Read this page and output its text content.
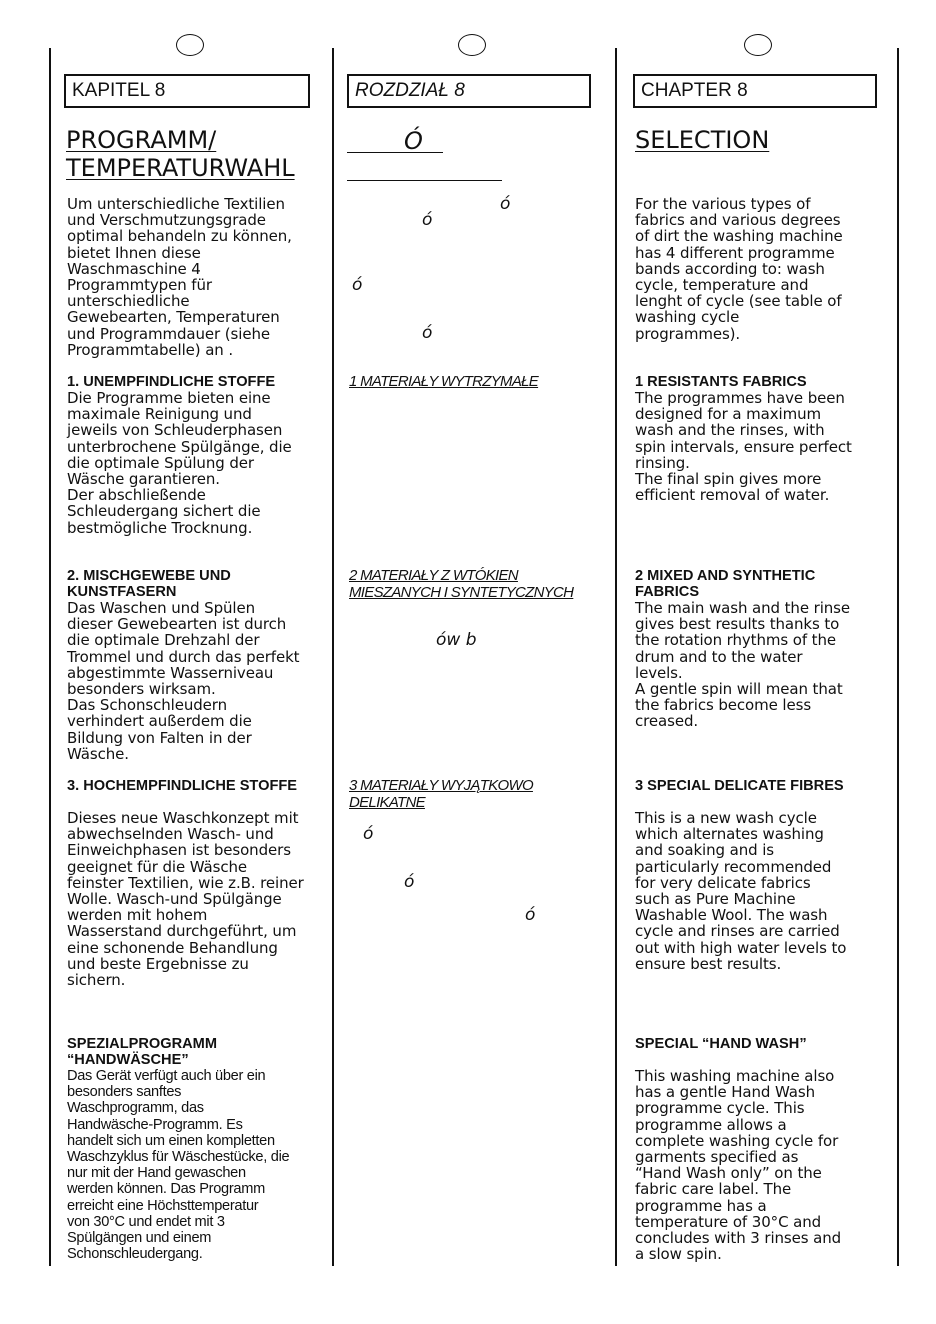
KAPITEL 8
PROGRAMM/
TEMPERATURWAHL
Um unterschiedliche Textilien
und Verschmutzungsgrade
optimal behandeln zu können,
bietet Ihnen diese
Waschmaschine 4
Programmtypen für
unterschiedliche
Gewebearten, Temperaturen
und Programmdauer (siehe
Programmtabelle) an .
1. UNEMPFINDLICHE STOFFE
Die Programme bieten eine
maximale Reinigung und
jeweils von Schleuderphasen
unterbrochene Spülgänge, die
die optimale Spülung der
Wäsche garantieren.
Der abschließende
Schleudergang sichert die
bestmögliche Trocknung.
2. MISCHGEWEBE UND
KUNSTFASERN
Das Waschen und Spülen
dieser Gewebearten ist durch
die optimale Drehzahl der
Trommel und durch das perfekt
abgestimmte Wasserniveau
besonders wirksam.
Das Schonschleudern
verhindert außerdem die
Bildung von Falten in der
Wäsche.
3. HOCHEMPFINDLICHE STOFFE
Dieses neue Waschkonzept mit
abwechselnden Wasch- und
Einweichphasen ist besonders
geeignet für die Wäsche
feinster Textilien, wie z.B. reiner
Wolle. Wasch-und Spülgänge
werden mit hohem
Wasserstand durchgeführt, um
eine schonende Behandlung
und beste Ergebnisse zu
sichern.
SPEZIALPROGRAMM
“HANDWÄSCHE”
Das Gerät verfügt auch über ein
besonders sanftes
Waschprogramm, das
Handwäsche-Programm. Es
handelt sich um einen kompletten
Waschzyklus für Wäschestücke, die
nur mit der Hand gewaschen
werden können. Das Programm
erreicht eine Höchsttemperatur
von 30°C und endet mit 3
Spülgängen und einem
Schonschleudergang.
ROZDZIAŁ 8
Ó
ó
ó
ó
ó
1 MATERIAŁY WYTRZYMAŁE
2 MATERIAŁY Z WTÓKIEN
MIESZANYCH I SYNTETYCZNYCH
ów b
3 MATERIAŁY WYJĄTKOWO
DELIKATNE
ó
ó
ó
CHAPTER 8
SELECTION
For the various types of
fabrics and various degrees
of dirt the washing machine
has 4 different programme
bands according to: wash
cycle, temperature and
lenght of cycle (see table of
washing cycle
programmes).
1 RESISTANTS FABRICS
The programmes have been
designed for a maximum
wash and the rinses, with
spin intervals, ensure perfect
rinsing.
The final spin gives more
efficient removal of water.
2 MIXED AND SYNTHETIC
FABRICS
The main wash and the rinse
gives best results thanks to
the rotation rhythms of the
drum and to the water
levels.
A gentle spin will mean that
the fabrics become less
creased.
3 SPECIAL DELICATE FIBRES
This is a new wash cycle
which alternates washing
and soaking and is
particularly recommended
for very delicate fabrics
such as Pure Machine
Washable Wool. The wash
cycle and rinses are carried
out with high water levels to
ensure best results.
SPECIAL “HAND WASH”
This washing machine also
has a gentle Hand Wash
programme cycle. This
programme allows a
complete washing cycle for
garments specified as
“Hand Wash only” on the
fabric care label. The
programme has a
temperature of 30°C and
concludes with 3 rinses and
a slow spin.
